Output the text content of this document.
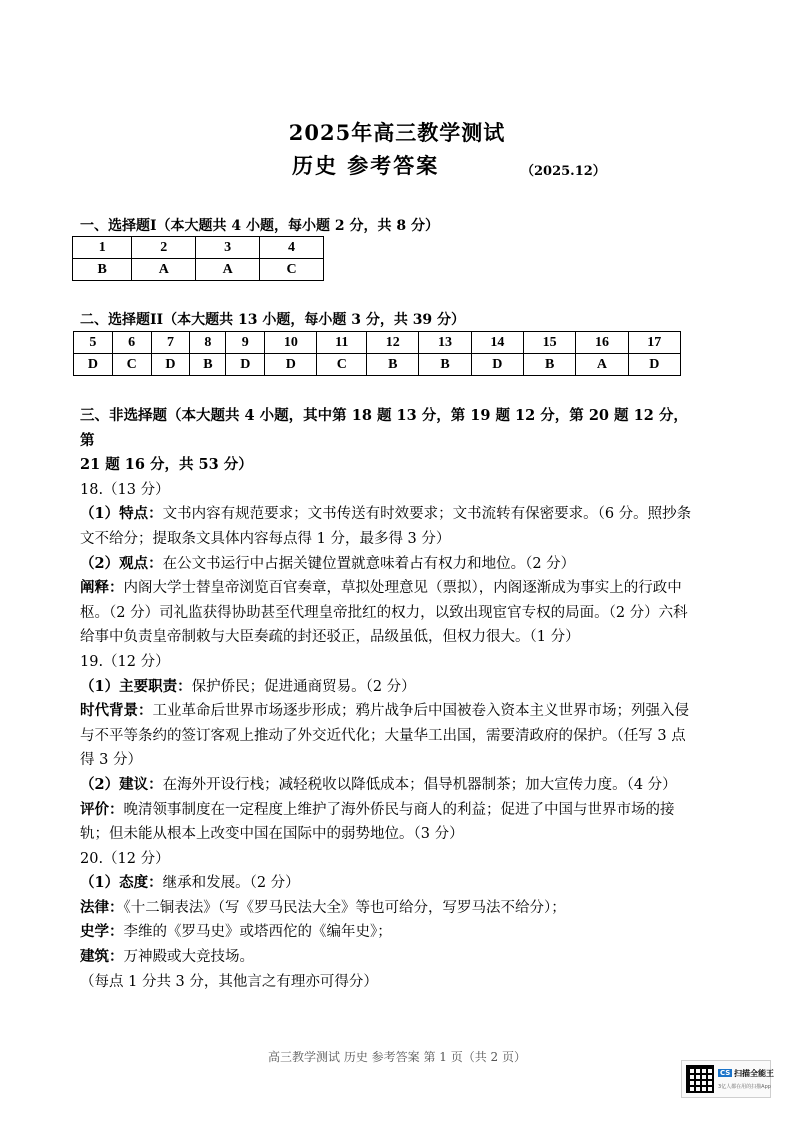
2025年高三教学测试
历史 参考答案	（2025.12）
一、选择题I（本大题共 4 小题，每小题 2 分，共 8 分）
1	2	3	4
B	A	A	C
二、选择题II（本大题共 13 小题，每小题 3 分，共 39 分）
5	6	7	8	9	10	11	12	13	14	15	16	17
D	C	D	B	D	D	C	B	B	D	B	A	D

三、非选择题（本大题共 4 小题，其中第 18 题 13 分，第 19 题 12 分，第 20 题 12 分，第

21 题 16 分，共 53 分）

18.（13 分）

（1）特点：文书内容有规范要求；文书传送有时效要求；文书流转有保密要求。（6 分。照抄条文不给分；提取条文具体内容每点得 1 分，最多得 3 分）

（2）观点：在公文书运行中占据关键位置就意味着占有权力和地位。（2 分）

阐释：内阁大学士替皇帝浏览百官奏章，草拟处理意见（票拟），内阁逐渐成为事实上的行政中枢。（2 分）司礼监获得协助甚至代理皇帝批红的权力，以致出现宦官专权的局面。（2 分）六科给事中负责皇帝制敕与大臣奏疏的封还驳正，品级虽低，但权力很大。（1 分）

19.（12 分）

（1）主要职责：保护侨民；促进通商贸易。（2 分）

时代背景：工业革命后世界市场逐步形成；鸦片战争后中国被卷入资本主义世界市场；列强入侵与不平等条约的签订客观上推动了外交近代化；大量华工出国，需要清政府的保护。（任写 3 点得 3 分）

（2）建议：在海外开设行栈；减轻税收以降低成本；倡导机器制茶；加大宣传力度。（4 分）

评价：晚清领事制度在一定程度上维护了海外侨民与商人的利益；促进了中国与世界市场的接轨；但未能从根本上改变中国在国际中的弱势地位。（3 分）

20.（12 分）

（1）态度：继承和发展。（2 分）

法律：《十二铜表法》（写《罗马民法大全》等也可给分，写罗马法不给分）；

史学：李维的《罗马史》或塔西佗的《编年史》；

建筑：万神殿或大竞技场。

（每点 1 分共 3 分，其他言之有理亦可得分）

高三教学测试 历史 参考答案 第 1 页（共 2 页）
CS 扫描全能王
3亿人都在用的扫描App
